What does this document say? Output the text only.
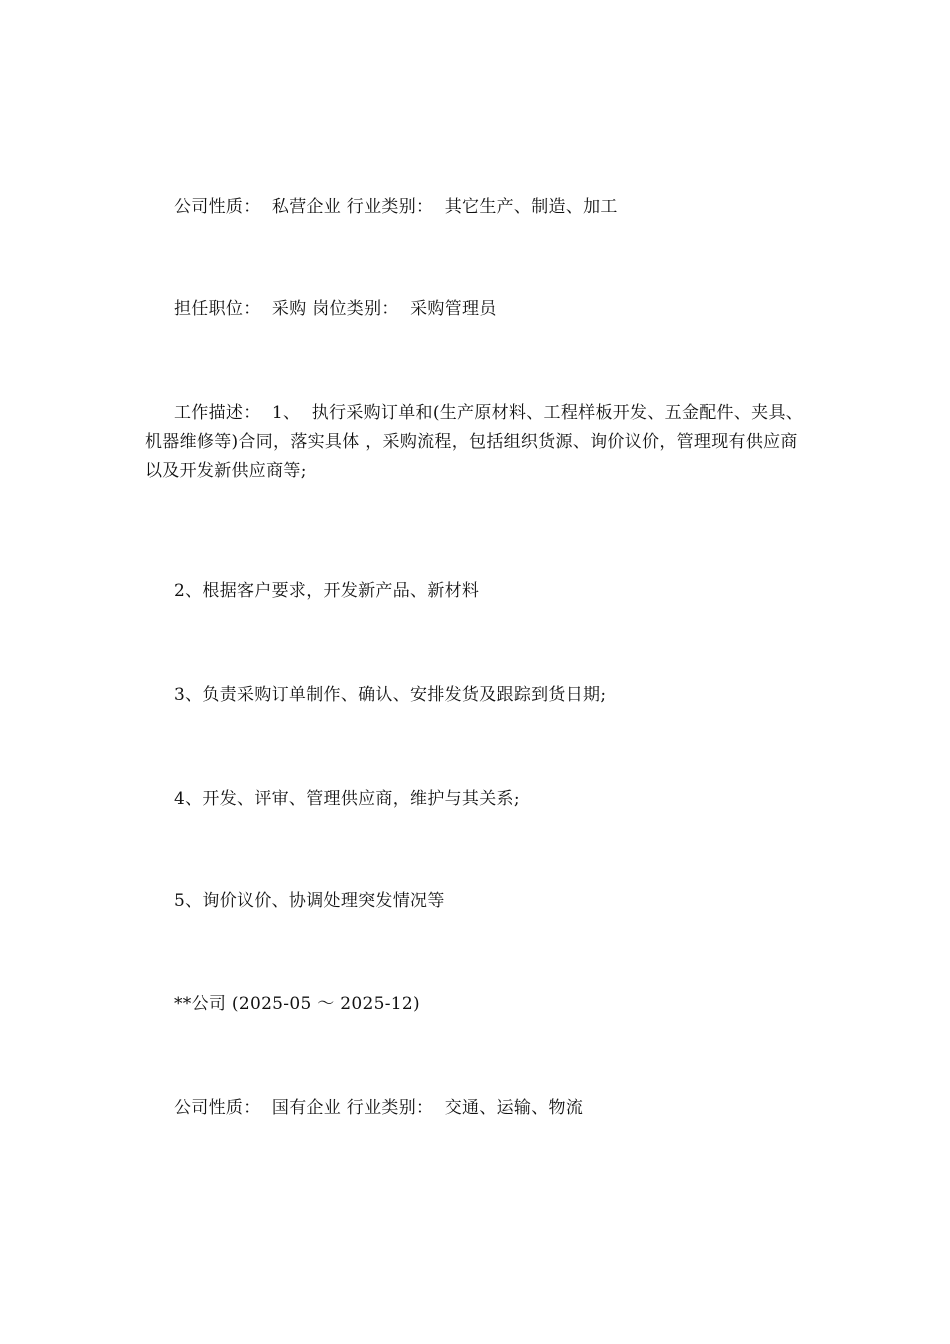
公司性质：  私营企业 行业类别：  其它生产、制造、加工

担任职位：  采购 岗位类别：  采购管理员

工作描述：  1、  执行采购订单和(生产原材料、工程样板开发、五金配件、夹具、机器维修等)合同，落实具体 ，采购流程，包括组织货源、询价议价，管理现有供应商以及开发新供应商等;

2、根据客户要求，开发新产品、新材料

3、负责采购订单制作、确认、安排发货及跟踪到货日期;

4、开发、评审、管理供应商，维护与其关系;

5、询价议价、协调处理突发情况等

**公司 (2025-05 ～ 2025-12)

公司性质：  国有企业 行业类别：  交通、运输、物流
